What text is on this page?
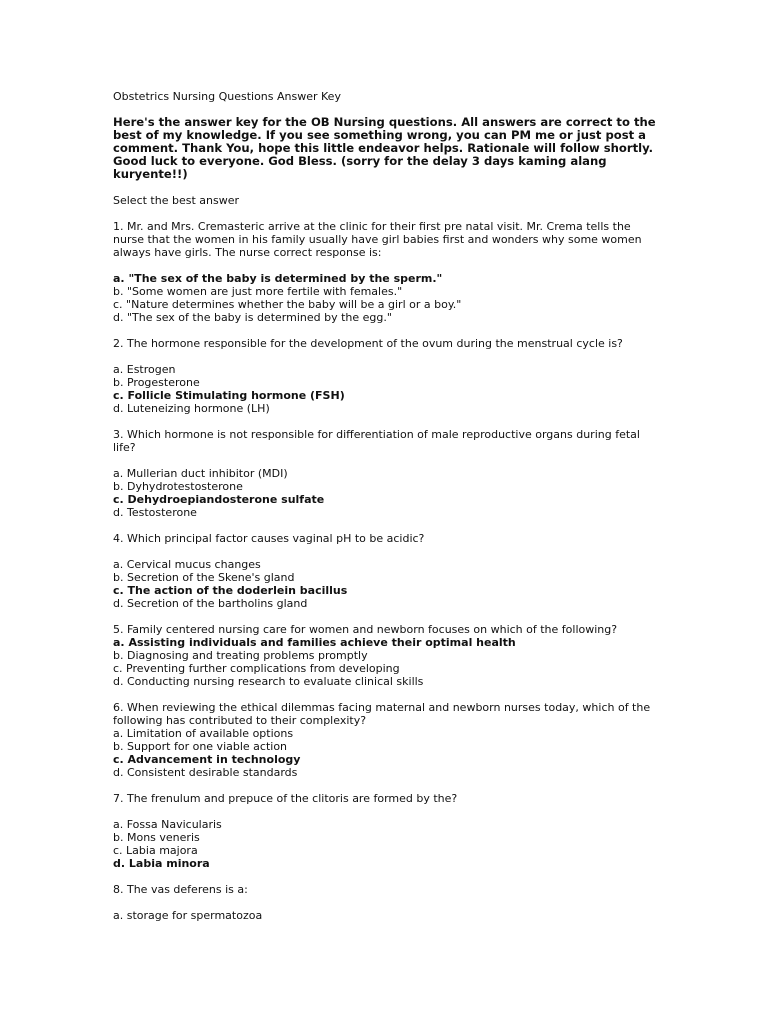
Obstetrics Nursing Questions Answer Key

Here's the answer key for the OB Nursing questions. All answers are correct to the best of my knowledge. If you see something wrong, you can PM me or just post a comment. Thank You, hope this little endeavor helps. Rationale will follow shortly. Good luck to everyone. God Bless. (sorry for the delay 3 days kaming alang kuryente!!)

Select the best answer

1. Mr. and Mrs. Cremasteric arrive at the clinic for their first pre natal visit. Mr. Crema tells the nurse that the women in his family usually have girl babies first and wonders why some women always have girls. The nurse correct response is:

a. "The sex of the baby is determined by the sperm."

b. "Some women are just more fertile with females."

c. "Nature determines whether the baby will be a girl or a boy."

d. "The sex of the baby is determined by the egg."

2. The hormone responsible for the development of the ovum during the menstrual cycle is?

a. Estrogen

b. Progesterone

c. Follicle Stimulating hormone (FSH)

d. Luteneizing hormone (LH)

3. Which hormone is not responsible for differentiation of male reproductive organs during fetal life?

a. Mullerian duct inhibitor (MDI)

b. Dyhydrotestosterone

c. Dehydroepiandosterone sulfate

d. Testosterone

4. Which principal factor causes vaginal pH to be acidic?

a. Cervical mucus changes

b. Secretion of the Skene's gland

c. The action of the doderlein bacillus

d. Secretion of the bartholins gland

5. Family centered nursing care for women and newborn focuses on which of the following?

a. Assisting individuals and families achieve their optimal health

b. Diagnosing and treating problems promptly

c. Preventing further complications from developing

d. Conducting nursing research to evaluate clinical skills

6. When reviewing the ethical dilemmas facing maternal and newborn nurses today, which of the following has contributed to their complexity?

a. Limitation of available options

b. Support for one viable action

c. Advancement in technology

d. Consistent desirable standards

7. The frenulum and prepuce of the clitoris are formed by the?

a. Fossa Navicularis

b. Mons veneris

c. Labia majora

d. Labia minora

8. The vas deferens is a:

a. storage for spermatozoa
